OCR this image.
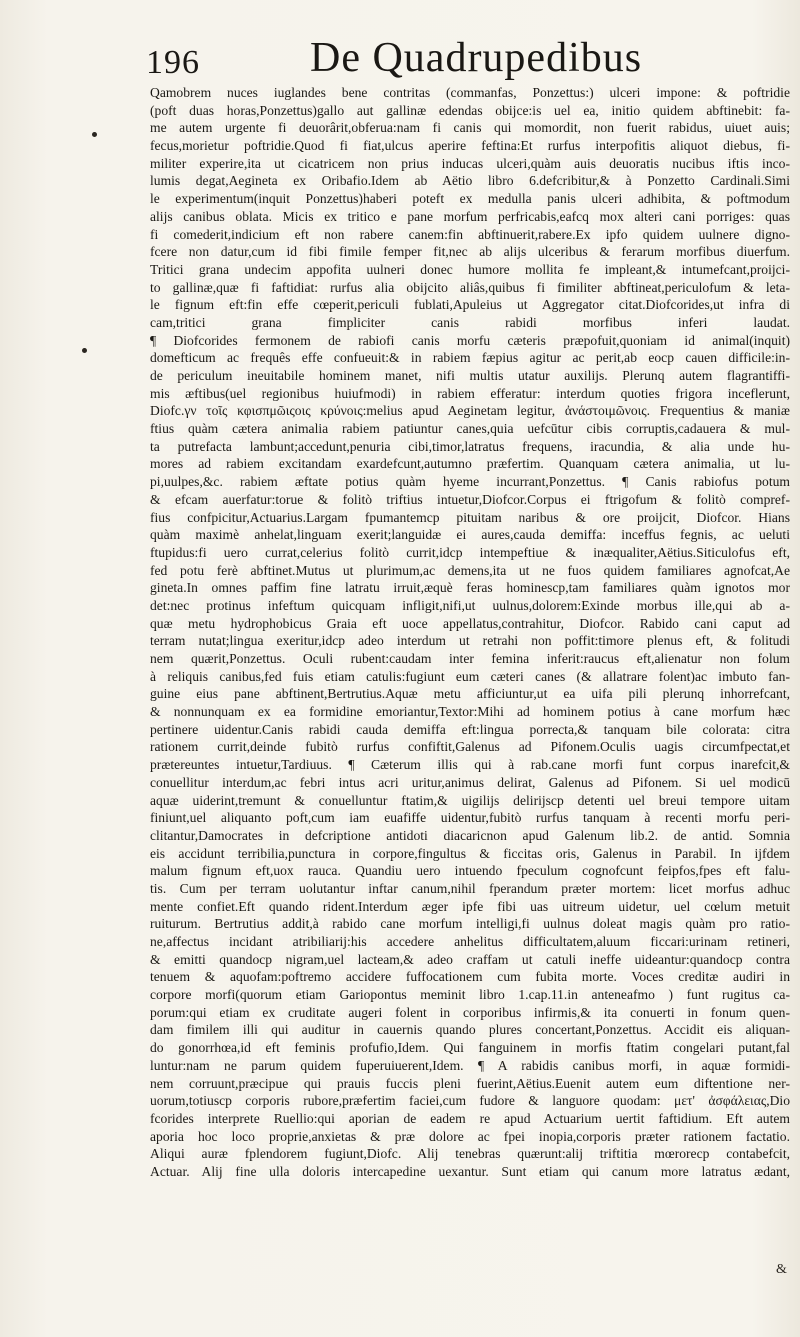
196	De Quadrupedibus
Qamobrem nuces iuglandes bene contritas (commanfas, Ponzettus:) ulceri impone: & poftridie
(poft duas horas,Ponzettus)gallo aut gallinæ edendas obijce:is uel ea, initio quidem abftinebit: fa-
me autem urgente fi deuorârit,obferua:nam fi canis qui momordit, non fuerit rabidus, uiuet auis;
fecus,morietur poftridie.Quod fi fiat,ulcus aperire feftina:Et rurfus interpofitis aliquot diebus, fi-
militer experire,ita ut cicatricem non prius inducas ulceri,quàm auis deuoratis nucibus iftis inco-
lumis degat,Aegineta ex Oribafio.Idem ab Aëtio libro 6.defcribitur,& à Ponzetto Cardinali.Simi
le experimentum(inquit Ponzettus)haberi poteft ex medulla panis ulceri adhibita, & poftmodum
alijs canibus oblata. Micis ex tritico e pane morfum perfricabis,eafcq mox alteri cani porriges: quas
fi comederit,indicium eft non rabere canem:fin abftinuerit,rabere.Ex ipfo quidem uulnere digno-
fcere non datur,cum id fibi fimile femper fit,nec ab alijs ulceribus & ferarum morfibus diuerfum.
Tritici grana undecim appofita uulneri donec humore mollita fe impleant,& intumefcant,proijci-
to gallinæ,quæ fi faftidiat: rurfus alia obijcito aliâs,quibus fi fimiliter abftineat,periculofum & leta-
le fignum eft:fin effe cœperit,periculi fublati,Apuleius ut Aggregator citat.Diofcorides,ut infra di
cam,tritici grana fimpliciter canis rabidi morfibus inferi laudat.
¶ Diofcorides fermonem de rabiofi canis morfu cæteris præpofuit,quoniam id animal(inquit)
domefticum ac frequês effe confueuit:& in rabiem fæpius agitur ac perit,ab eocp cauen difficile:in-
de periculum ineuitabile hominem manet, nifi multis utatur auxilijs. Plerunq autem flagrantiffi-
mis æftibus(uel regionibus huiufmodi) in rabiem efferatur: interdum quoties frigora inceflerunt,
Diofc.γν τοῖς κφισπμῶιςοις κρύνοις:melius apud Aeginetam legitur, ἀνάστοιμῶνοις. Frequentius & maniæ
ftius quàm cætera animalia rabiem patiuntur canes,quia uefcūtur cibis corruptis,cadauera & mul-
ta putrefacta lambunt;accedunt,penuria cibi,timor,latratus frequens, iracundia, & alia unde hu-
mores ad rabiem excitandam exardefcunt,autumno præfertim. Quanquam cætera animalia, ut lu-
pi,uulpes,&c. rabiem æftate potius quàm hyeme incurrant,Ponzettus. ¶ Canis rabiofus potum
& efcam auerfatur:torue & folitò triftius intuetur,Diofcor.Corpus ei ftrigofum & folitò compref-
fius confpicitur,Actuarius.Largam fpumantemcp pituitam naribus & ore proijcit, Diofcor. Hians
quàm maximè anhelat,linguam exerit;languidæ ei aures,cauda demiffa: inceffus fegnis, ac ueluti
ftupidus:fi uero currat,celerius folitò currit,idcp intempeftiue & inæqualiter,Aëtius.Siticulofus eft,
fed potu ferè abftinet.Mutus ut plurimum,ac demens,ita ut ne fuos quidem familiares agnofcat,Ae
gineta.In omnes paffim fine latratu irruit,æquè feras hominescp,tam familiares quàm ignotos mor
det:nec protinus infeftum quicquam infligit,nifi,ut uulnus,dolorem:Exinde morbus ille,qui ab a-
quæ metu hydrophobicus Graia eft uoce appellatus,contrahitur, Diofcor. Rabido cani caput ad
terram nutat;lingua exeritur,idcp adeo interdum ut retrahi non poffit:timore plenus eft, & folitudi
nem quærit,Ponzettus. Oculi rubent:caudam inter femina inferit:raucus eft,alienatur non folum
à reliquis canibus,fed fuis etiam catulis:fugiunt eum cæteri canes (& allatrare folent)ac imbuto fan-
guine eius pane abftinent,Bertrutius.Aquæ metu afficiuntur,ut ea uifa pili plerunq inhorrefcant,
& nonnunquam ex ea formidine emoriantur,Textor:Mihi ad hominem potius à cane morfum hæc
pertinere uidentur.Canis rabidi cauda demiffa eft:lingua porrecta,& tanquam bile colorata: citra
rationem currit,deinde fubitò rurfus confiftit,Galenus ad Pifonem.Oculis uagis circumfpectat,et
prætereuntes intuetur,Tardiuus. ¶ Cæterum illis qui à rab.cane morfi funt corpus inarefcit,&
conuellitur interdum,ac febri intus acri uritur,animus delirat, Galenus ad Pifonem. Si uel modicū
aquæ uiderint,tremunt & conuelluntur ftatim,& uigilijs delirijscp detenti uel breui tempore uitam
finiunt,uel aliquanto poft,cum iam euafiffe uidentur,fubitò rurfus tanquam à recenti morfu peri-
clitantur,Damocrates in defcriptione antidoti diacaricnon apud Galenum lib.2. de antid. Somnia
eis accidunt terribilia,punctura in corpore,fingultus & ficcitas oris, Galenus in Parabil. In ijfdem
malum fignum eft,uox rauca. Quandiu uero intuendo fpeculum cognofcunt feipfos,fpes eft falu-
tis. Cum per terram uolutantur inftar canum,nihil fperandum præter mortem: licet morfus adhuc
mente confiet.Eft quando rident.Interdum æger ipfe fibi uas uitreum uidetur, uel cœlum metuit
ruiturum. Bertrutius addit,à rabido cane morfum intelligi,fi uulnus doleat magis quàm pro ratio-
ne,affectus incidant atribiliarij:his accedere anhelitus difficultatem,aluum ficcari:urinam retineri,
& emitti quandocp nigram,uel lacteam,& adeo craffam ut catuli ineffe uideantur:quandocp contra
tenuem & aquofam:poftremo accidere fuffocationem cum fubita morte. Voces creditæ audiri in
corpore morfi(quorum etiam Gariopontus meminit libro 1.cap.11.in anteneafmo ) funt rugitus ca-
porum:qui etiam ex cruditate augeri folent in corporibus infirmis,& ita conuerti in fonum quen-
dam fimilem illi qui auditur in cauernis quando plures concertant,Ponzettus. Accidit eis aliquan-
do gonorrhœa,id eft feminis profufio,Idem. Qui fanguinem in morfis ftatim congelari putant,fal
luntur:nam ne parum quidem fuperuiuerent,Idem. ¶ A rabidis canibus morfi, in aquæ formidi-
nem corruunt,præcipue qui prauis fuccis pleni fuerint,Aëtius.Euenit autem eum diftentione ner-
uorum,totiuscp corporis rubore,præfertim faciei,cum fudore & languore quodam: μετ' ἀσφάλειας,Dio
fcorides interprete Ruellio:qui aporian de eadem re apud Actuarium uertit faftidium. Eft autem
aporia hoc loco proprie,anxietas & præ dolore ac fpei inopia,corporis præter rationem factatio.
Aliqui auræ fplendorem fugiunt,Diofc. Alij tenebras quærunt:alij triftitia mœrorecp contabefcit,
Actuar. Alij fine ulla doloris intercapedine uexantur. Sunt etiam qui canum more latratus ædant,
&
